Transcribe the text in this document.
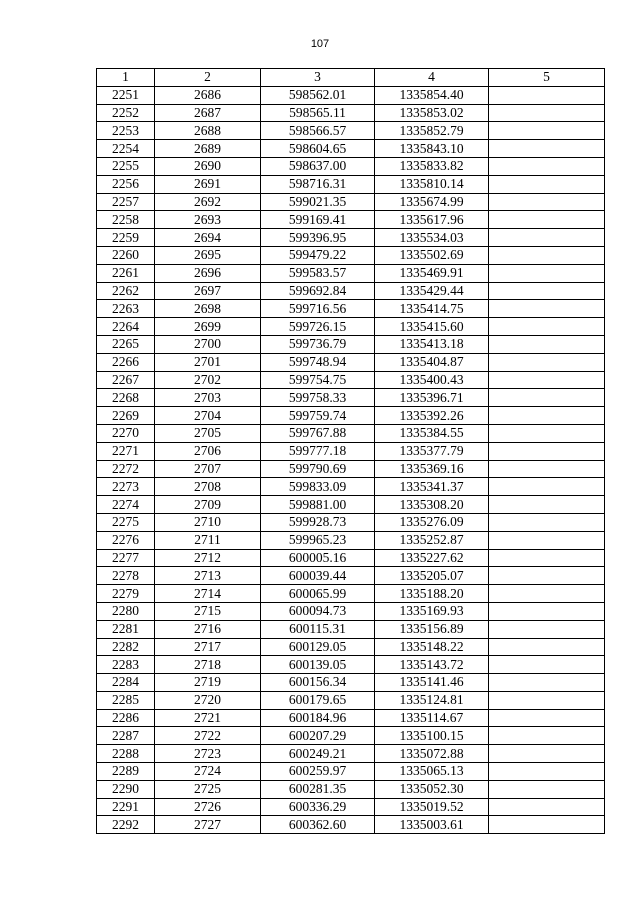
107
1	2	3	4	5
2251	2686	598562.01	1335854.40	
2252	2687	598565.11	1335853.02	
2253	2688	598566.57	1335852.79	
2254	2689	598604.65	1335843.10	
2255	2690	598637.00	1335833.82	
2256	2691	598716.31	1335810.14	
2257	2692	599021.35	1335674.99	
2258	2693	599169.41	1335617.96	
2259	2694	599396.95	1335534.03	
2260	2695	599479.22	1335502.69	
2261	2696	599583.57	1335469.91	
2262	2697	599692.84	1335429.44	
2263	2698	599716.56	1335414.75	
2264	2699	599726.15	1335415.60	
2265	2700	599736.79	1335413.18	
2266	2701	599748.94	1335404.87	
2267	2702	599754.75	1335400.43	
2268	2703	599758.33	1335396.71	
2269	2704	599759.74	1335392.26	
2270	2705	599767.88	1335384.55	
2271	2706	599777.18	1335377.79	
2272	2707	599790.69	1335369.16	
2273	2708	599833.09	1335341.37	
2274	2709	599881.00	1335308.20	
2275	2710	599928.73	1335276.09	
2276	2711	599965.23	1335252.87	
2277	2712	600005.16	1335227.62	
2278	2713	600039.44	1335205.07	
2279	2714	600065.99	1335188.20	
2280	2715	600094.73	1335169.93	
2281	2716	600115.31	1335156.89	
2282	2717	600129.05	1335148.22	
2283	2718	600139.05	1335143.72	
2284	2719	600156.34	1335141.46	
2285	2720	600179.65	1335124.81	
2286	2721	600184.96	1335114.67	
2287	2722	600207.29	1335100.15	
2288	2723	600249.21	1335072.88	
2289	2724	600259.97	1335065.13	
2290	2725	600281.35	1335052.30	
2291	2726	600336.29	1335019.52	
2292	2727	600362.60	1335003.61	
